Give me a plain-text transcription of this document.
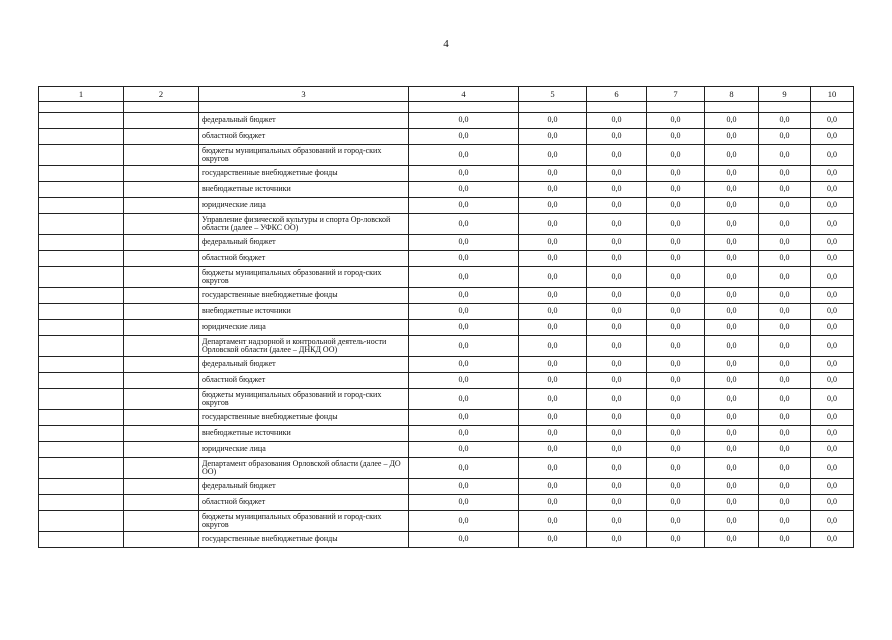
4
1	2	3	4	5	6	7	8	9	10

		федеральный бюджет	0,0	0,0	0,0	0,0	0,0	0,0	0,0
		областной бюджет	0,0	0,0	0,0	0,0	0,0	0,0	0,0
		бюджеты муниципальных образований и город-ских округов	0,0	0,0	0,0	0,0	0,0	0,0	0,0
		государственные внебюджетные фонды	0,0	0,0	0,0	0,0	0,0	0,0	0,0
		внебюджетные источники	0,0	0,0	0,0	0,0	0,0	0,0	0,0
		юридические лица	0,0	0,0	0,0	0,0	0,0	0,0	0,0
		Управление физической культуры и спорта Ор-ловской области (далее – УФКС ОО)	0,0	0,0	0,0	0,0	0,0	0,0	0,0
		федеральный бюджет	0,0	0,0	0,0	0,0	0,0	0,0	0,0
		областной бюджет	0,0	0,0	0,0	0,0	0,0	0,0	0,0
		бюджеты муниципальных образований и город-ских округов	0,0	0,0	0,0	0,0	0,0	0,0	0,0
		государственные внебюджетные фонды	0,0	0,0	0,0	0,0	0,0	0,0	0,0
		внебюджетные источники	0,0	0,0	0,0	0,0	0,0	0,0	0,0
		юридические лица	0,0	0,0	0,0	0,0	0,0	0,0	0,0
		Департамент надзорной и контрольной деятель-ности Орловской области (далее – ДНКД ОО)	0,0	0,0	0,0	0,0	0,0	0,0	0,0
		федеральный бюджет	0,0	0,0	0,0	0,0	0,0	0,0	0,0
		областной бюджет	0,0	0,0	0,0	0,0	0,0	0,0	0,0
		бюджеты муниципальных образований и город-ских округов	0,0	0,0	0,0	0,0	0,0	0,0	0,0
		государственные внебюджетные фонды	0,0	0,0	0,0	0,0	0,0	0,0	0,0
		внебюджетные источники	0,0	0,0	0,0	0,0	0,0	0,0	0,0
		юридические лица	0,0	0,0	0,0	0,0	0,0	0,0	0,0
		Департамент образования Орловской области (далее – ДО ОО)	0,0	0,0	0,0	0,0	0,0	0,0	0,0
		федеральный бюджет	0,0	0,0	0,0	0,0	0,0	0,0	0,0
		областной бюджет	0,0	0,0	0,0	0,0	0,0	0,0	0,0
		бюджеты муниципальных образований и город-ских округов	0,0	0,0	0,0	0,0	0,0	0,0	0,0
		государственные внебюджетные фонды	0,0	0,0	0,0	0,0	0,0	0,0	0,0
